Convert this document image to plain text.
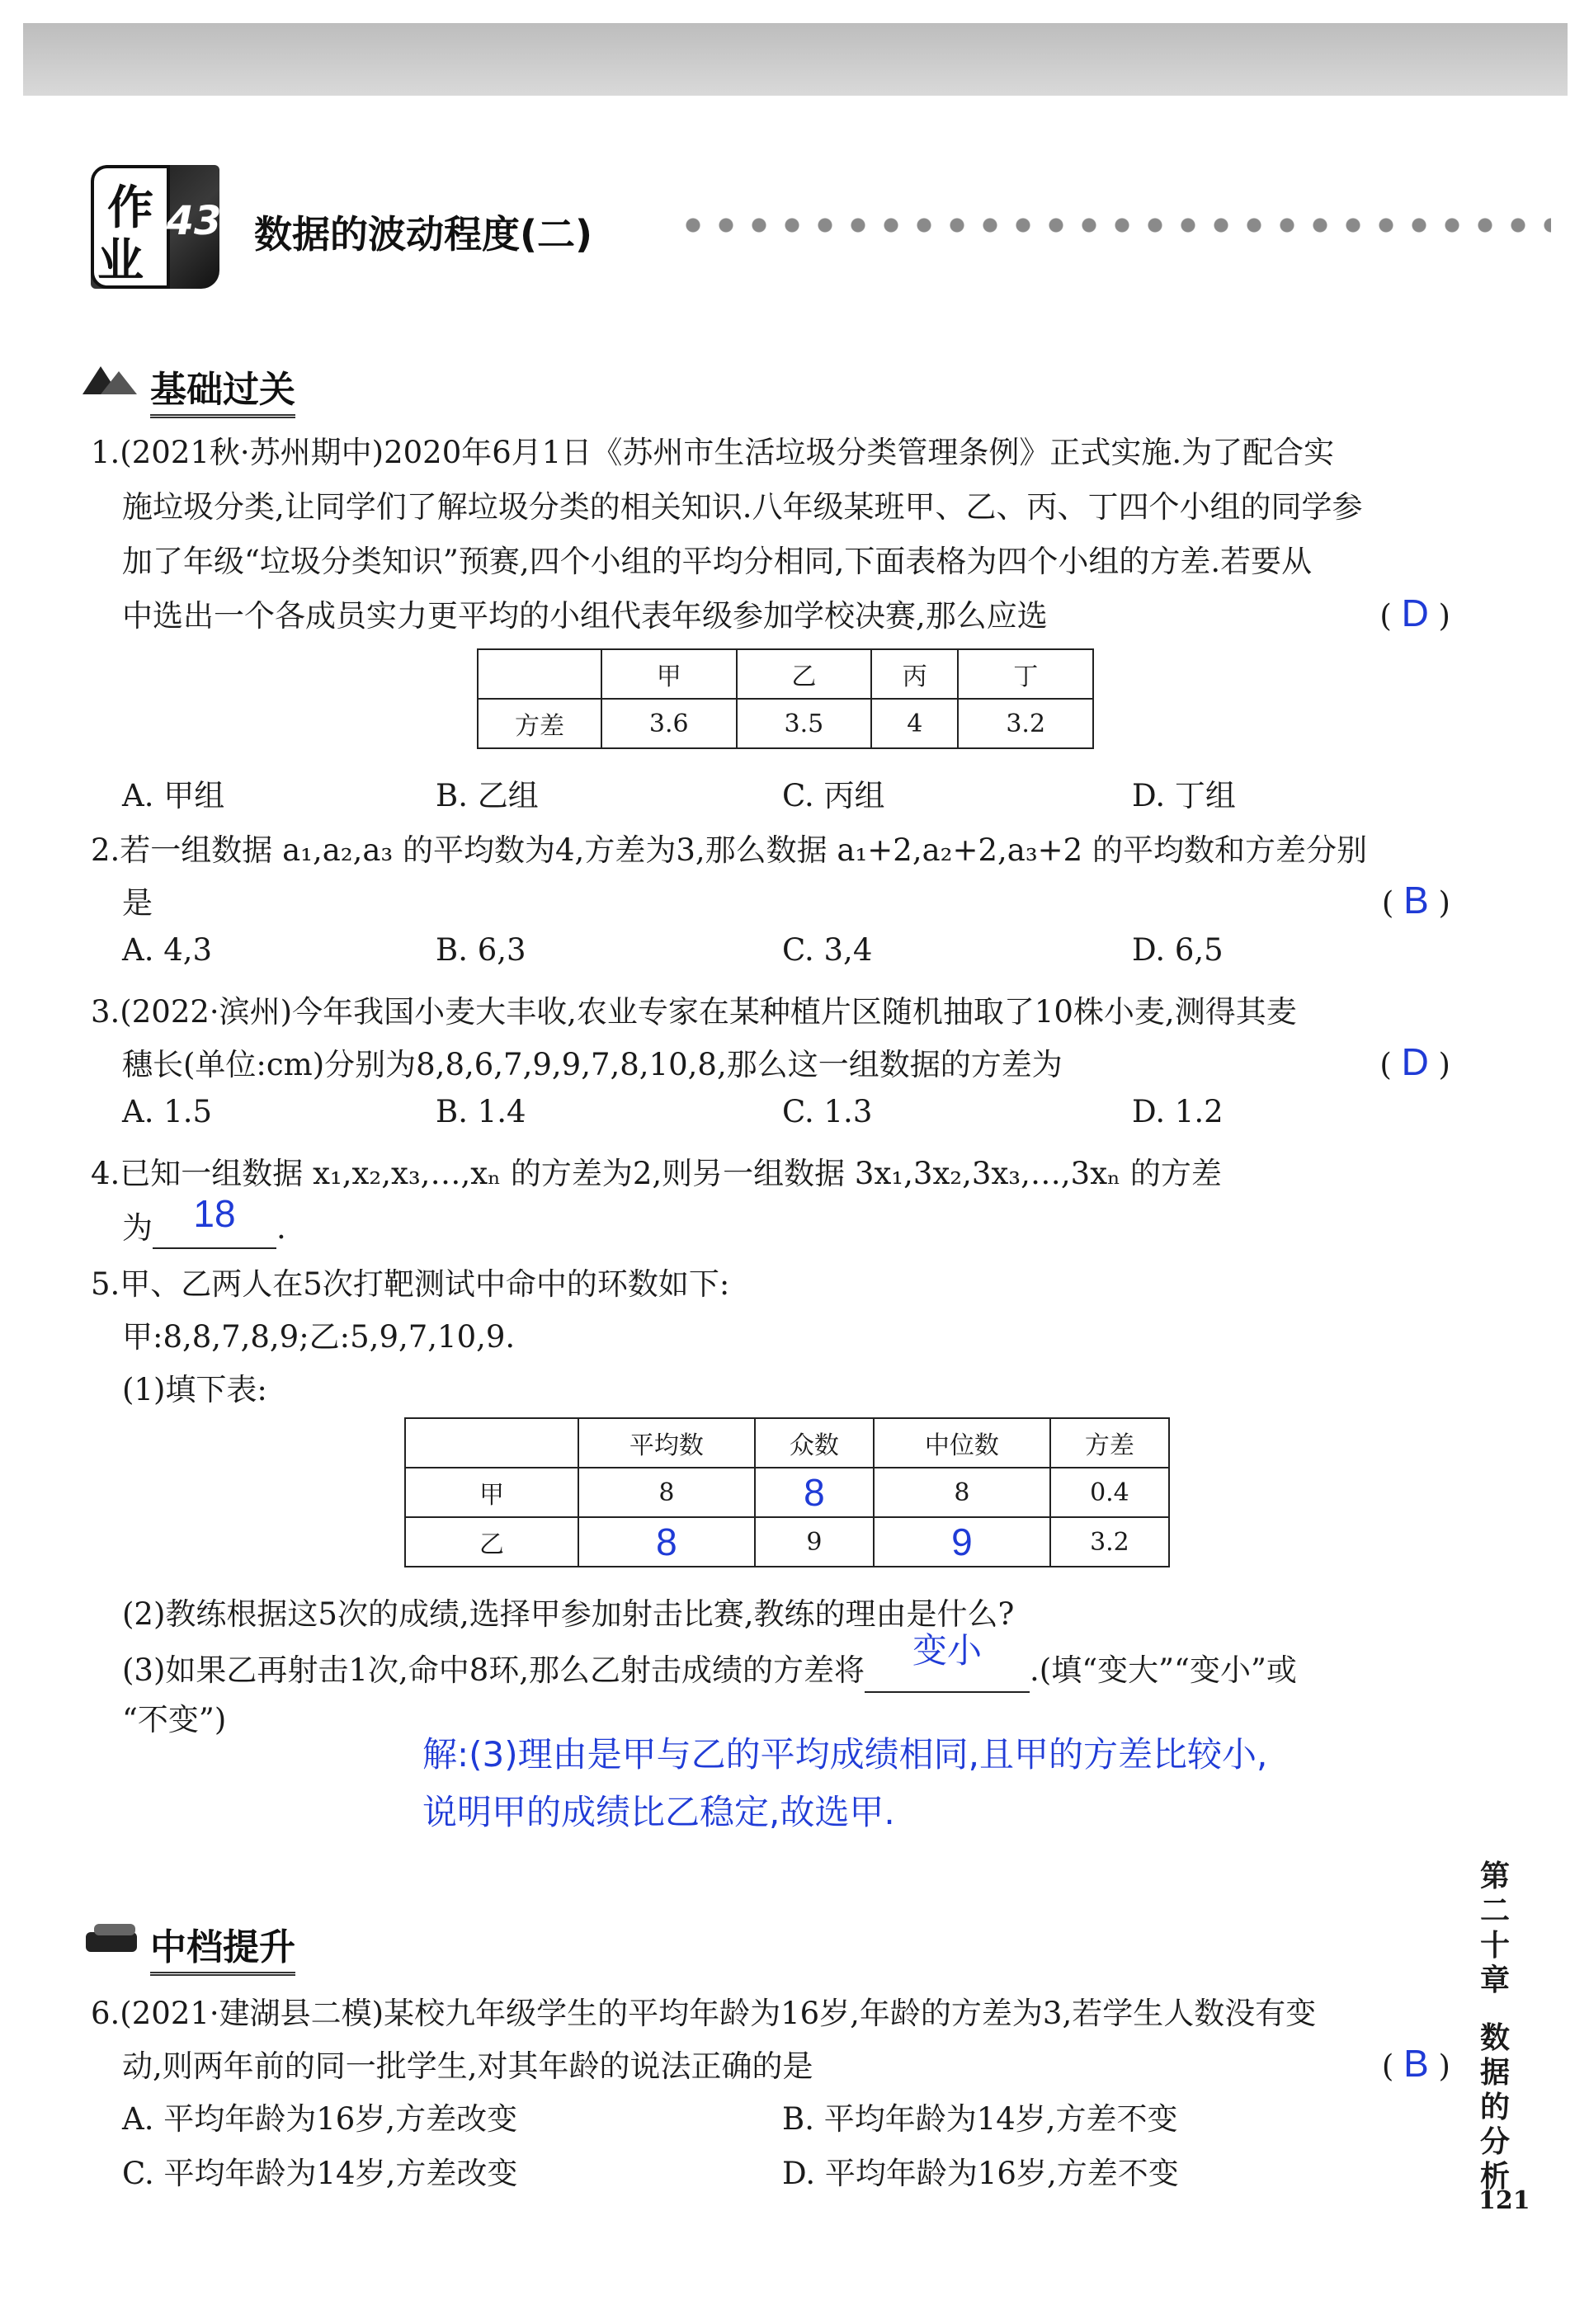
作
业
43 数据的波动程度(二)
基础过关
1.(2021秋·苏州期中)2020年6月1日《苏州市生活垃圾分类管理条例》正式实施.为了配合实
施垃圾分类,让同学们了解垃圾分类的相关知识.八年级某班甲、乙、丙、丁四个小组的同学参
加了年级“垃圾分类知识”预赛,四个小组的平均分相同,下面表格为四个小组的方差.若要从
中选出一个各成员实力更平均的小组代表年级参加学校决赛,那么应选	( D )
	甲	乙	丙	丁
方差	3.6	3.5	4	3.2
A. 甲组	B. 乙组	C. 丙组	D. 丁组
2.若一组数据 a₁,a₂,a₃ 的平均数为4,方差为3,那么数据 a₁+2,a₂+2,a₃+2 的平均数和方差分别
是	( B )
A. 4,3	B. 6,3	C. 3,4	D. 6,5
3.(2022·滨州)今年我国小麦大丰收,农业专家在某种植片区随机抽取了10株小麦,测得其麦
穗长(单位:cm)分别为8,8,6,7,9,9,7,8,10,8,那么这一组数据的方差为	( D )
A. 1.5	B. 1.4	C. 1.3	D. 1.2
4.已知一组数据 x₁,x₂,x₃,…,xₙ 的方差为2,则另一组数据 3x₁,3x₂,3x₃,…,3xₙ 的方差
为 18 .
5.甲、乙两人在5次打靶测试中命中的环数如下:
甲:8,8,7,8,9;乙:5,9,7,10,9.
(1)填下表:
	平均数	众数	中位数	方差
甲	8	8	8	0.4
乙	8	9	9	3.2
(2)教练根据这5次的成绩,选择甲参加射击比赛,教练的理由是什么?
(3)如果乙再射击1次,命中8环,那么乙射击成绩的方差将 变小 .(填“变大”“变小”或
“不变”)
解:(3)理由是甲与乙的平均成绩相同,且甲的方差比较小,
说明甲的成绩比乙稳定,故选甲.
中档提升
6.(2021·建湖县二模)某校九年级学生的平均年龄为16岁,年龄的方差为3,若学生人数没有变
动,则两年前的同一批学生,对其年龄的说法正确的是	( B )
A. 平均年龄为16岁,方差改变	B. 平均年龄为14岁,方差不变
C. 平均年龄为14岁,方差改变	D. 平均年龄为16岁,方差不变
第二十章
数据的分析
121
